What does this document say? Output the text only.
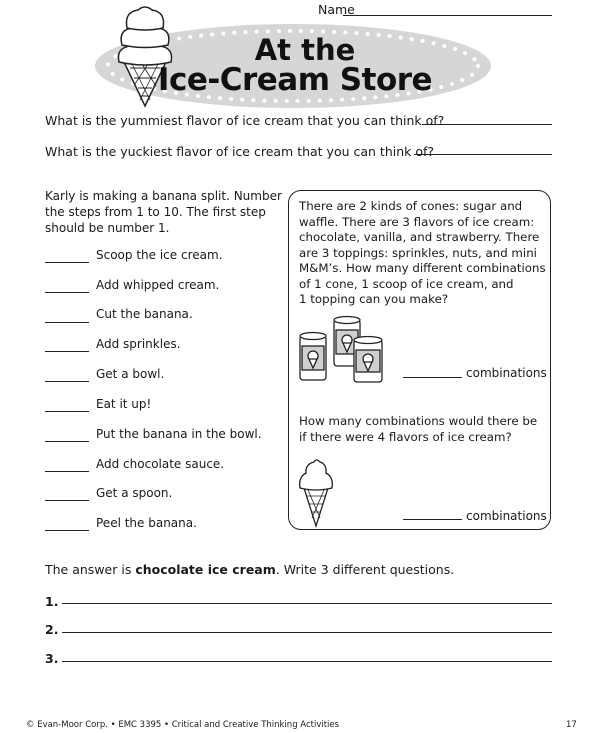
Name
At the
Ice-Cream Store
What is the yummiest flavor of ice cream that you can think of?
What is the yuckiest flavor of ice cream that you can think of?
Karly is making a banana split. Number
the steps from 1 to 10. The first step
should be number 1.
Scoop the ice cream.
Add whipped cream.
Cut the banana.
Add sprinkles.
Get a bowl.
Eat it up!
Put the banana in the bowl.
Add chocolate sauce.
Get a spoon.
Peel the banana.
There are 2 kinds of cones: sugar and
waffle. There are 3 flavors of ice cream:
chocolate, vanilla, and strawberry. There
are 3 toppings: sprinkles, nuts, and mini
M&M’s. How many different combinations
of 1 cone, 1 scoop of ice cream, and
1 topping can you make?
combinations
How many combinations would there be
if there were 4 flavors of ice cream?
combinations
The answer is chocolate ice cream. Write 3 different questions.
1.
2.
3.
© Evan-Moor Corp. • EMC 3395 • Critical and Creative Thinking Activities	17
